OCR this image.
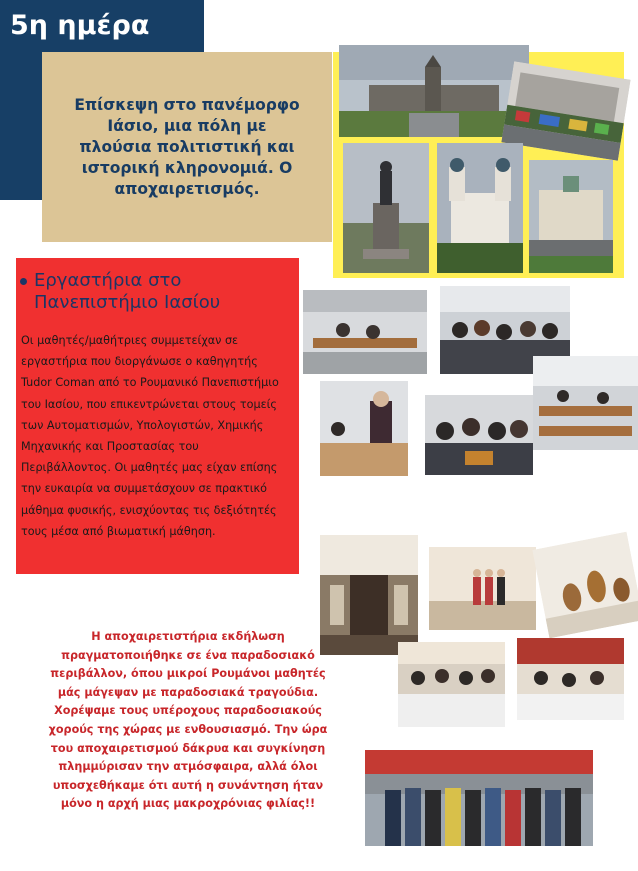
5η ημέρα
Επίσκεψη στο πανέμορφο Ιάσιο, μια πόλη με πλούσια πολιτιστική και ιστορική κληρονομιά. Ο αποχαιρετισμός.
Εργαστήρια στο Πανεπιστήμιο Ιασίου
Οι μαθητές/μαθήτριες συμμετείχαν σε εργαστήρια που διοργάνωσε ο καθηγητής Tudor Coman από το Ρουμανικό Πανεπιστήμιο του Ιασίου, που επικεντρώνεται στους τομείς των Αυτοματισμών, Υπολογιστών, Χημικής Μηχανικής και Προστασίας του Περιβάλλοντος. Οι μαθητές μας είχαν επίσης την ευκαιρία να συμμετάσχουν σε πρακτικό μάθημα φυσικής, ενισχύοντας τις δεξιότητές τους μέσα από βιωματική μάθηση.
Η αποχαιρετιστήρια εκδήλωση πραγματοποιήθηκε σε ένα παραδοσιακό περιβάλλον, όπου μικροί Ρουμάνοι μαθητές μάς μάγεψαν με παραδοσιακά τραγούδια. Χορέψαμε τους υπέροχους παραδοσιακούς χορούς της χώρας με ενθουσιασμό. Την ώρα του αποχαιρετισμού δάκρυα και συγκίνηση πλημμύρισαν την ατμόσφαιρα, αλλά όλοι υποσχεθήκαμε ότι αυτή η συνάντηση ήταν μόνο η αρχή μιας μακροχρόνιας φιλίας!!
